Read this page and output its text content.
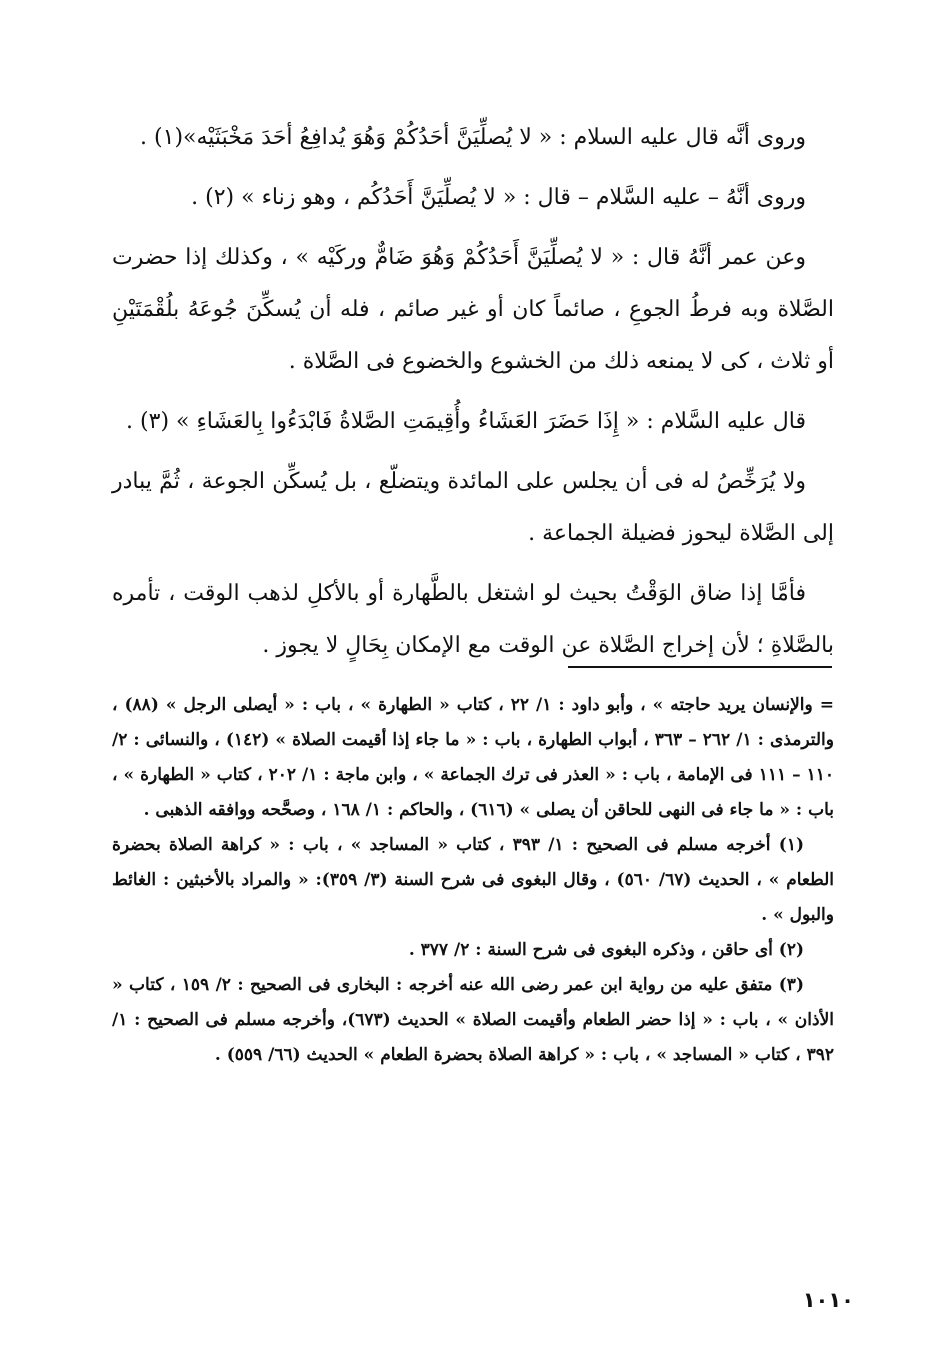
وروى أنَّه قال عليه السلام : « لا يُصلِّيَنَّ أحَدُكُمْ وَهُوَ يُدافِعُ أحَدَ مَخْبَثَيْه»(١) .

وروى أنَّهُ – عليه السَّلام – قال : « لا يُصلِّيَنَّ أَحَدُكُم ، وهو زناء » (٢) .

وعن عمر أنَّهُ قال : « لا يُصلِّيَنَّ أَحَدُكُمْ وَهُوَ ضَامٌّ وركَيْه » ، وكذلك إذا حضرت الصَّلاة وبه فرطُ الجوعِ ، صائماً كان أو غير صائم ، فله أن يُسكِّنَ جُوعَهُ بلُقْمَتَيْنِ أو ثلاث ، كى لا يمنعه ذلك من الخشوع والخضوع فى الصَّلاة .

قال عليه السَّلام : « إِذَا حَضَرَ العَشَاءُ وأُقِيمَتِ الصَّلاةُ فَابْدَءُوا بِالعَشَاءِ » (٣) .

ولا يُرَخِّصُ له فى أن يجلس على المائدة ويتضلّع ، بل يُسكِّن الجوعة ، ثُمَّ يبادر إلى الصَّلاة ليحوز فضيلة الجماعة .

فأمَّا إذا ضاق الوَقْتُ بحيث لو اشتغل بالطَّهارة أو بالأكلِ لذهب الوقت ، تأمره بالصَّلاةِ ؛ لأن إخراج الصَّلاة عن الوقت مع الإمكان بِحَالٍ لا يجوز .

= والإنسان يريد حاجته » ، وأبو داود : ١/ ٢٢ ، كتاب « الطهارة » ، باب : « أيصلى الرجل » (٨٨) ، والترمذى : ١/ ٢٦٢ – ٣٦٣ ، أبواب الطهارة ، باب : « ما جاء إذا أقيمت الصلاة » (١٤٢) ، والنسائى : ٢/ ١١٠ – ١١١ فى الإمامة ، باب : « العذر فى ترك الجماعة » ، وابن ماجة : ١/ ٢٠٢ ، كتاب « الطهارة » ، باب : « ما جاء فى النهى للحاقن أن يصلى » (٦١٦) ، والحاكم : ١/ ١٦٨ ، وصحَّحه ووافقه الذهبى .

(١) أخرجه مسلم فى الصحيح : ١/ ٣٩٣ ، كتاب « المساجد » ، باب : « كراهة الصلاة بحضرة الطعام » ، الحديث (٦٧/ ٥٦٠) ، وقال البغوى فى شرح السنة (٣/ ٣٥٩): « والمراد بالأخبثين : الغائط والبول » .

(٢) أى حاقن ، وذكره البغوى فى شرح السنة : ٢/ ٣٧٧ .

(٣) متفق عليه من رواية ابن عمر رضى الله عنه أخرجه : البخارى فى الصحيح : ٢/ ١٥٩ ، كتاب « الأذان » ، باب : « إذا حضر الطعام وأقيمت الصلاة » الحديث (٦٧٣)، وأخرجه مسلم فى الصحيح : ١/ ٣٩٢ ، كتاب « المساجد » ، باب : « كراهة الصلاة بحضرة الطعام » الحديث (٦٦/ ٥٥٩) .

١٠١٠
